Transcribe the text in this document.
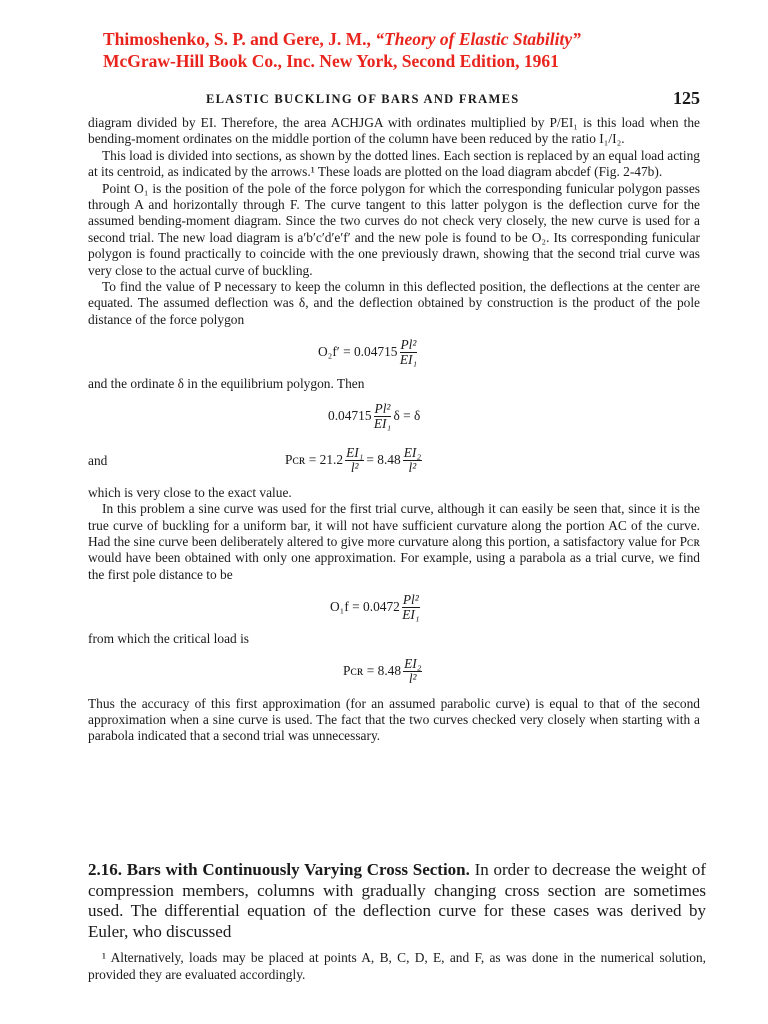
Thimoshenko, S. P. and Gere, J. M., “Theory of Elastic Stability”
McGraw-Hill Book Co., Inc. New York, Second Edition, 1961
ELASTIC BUCKLING OF BARS AND FRAMES	125

diagram divided by EI. Therefore, the area ACHJGA with ordinates multiplied by P/EI₁ is this load when the bending-moment ordinates on the middle portion of the column have been reduced by the ratio I₁/I₂.

This load is divided into sections, as shown by the dotted lines. Each section is replaced by an equal load acting at its centroid, as indicated by the arrows.¹ These loads are plotted on the load diagram abcdef (Fig. 2-47b).

Point O₁ is the position of the pole of the force polygon for which the corresponding funicular polygon passes through A and horizontally through F. The curve tangent to this latter polygon is the deflection curve for the assumed bending-moment diagram. Since the two curves do not check very closely, the new curve is used for a second trial. The new load diagram is a′b′c′d′e′f′ and the new pole is found to be O₂. Its corresponding funicular polygon is found practically to coincide with the one previously drawn, showing that the second trial curve was very close to the actual curve of buckling.

To find the value of P necessary to keep the column in this deflected position, the deflections at the center are equated. The assumed deflection was δ, and the deflection obtained by construction is the product of the pole distance of the force polygon

$O_2f' = 0.04715 \frac{\text{Pl²}}{\text{EI₁}}$

and the ordinate δ in the equilibrium polygon. Then

$0.04715 \frac{\text{Pl²}}{\text{EI₁}}$ δ = δ
and	Pᴄʀ = $21.2 \frac{\text{EI₁}}{\text{l²}} = 8.48 \frac{\text{EI₂}}{\text{l²}}$

which is very close to the exact value.

In this problem a sine curve was used for the first trial curve, although it can easily be seen that, since it is the true curve of buckling for a uniform bar, it will not have sufficient curvature along the portion AC of the curve. Had the sine curve been deliberately altered to give more curvature along this portion, a satisfactory value for Pᴄʀ would have been obtained with only one approximation. For example, using a parabola as a trial curve, we find the first pole distance to be

$O_1f = 0.0472 \frac{\text{Pl²}}{\text{EI₁}}$

from which the critical load is

Pᴄʀ = $8.48 \frac{\text{EI₂}}{\text{l²}}$

Thus the accuracy of this first approximation (for an assumed parabolic curve) is equal to that of the second approximation when a sine curve is used. The fact that the two curves checked very closely when starting with a parabola indicated that a second trial was unnecessary.

2.16. Bars with Continuously Varying Cross Section. In order to decrease the weight of compression members, columns with gradually changing cross section are sometimes used. The differential equation of the deflection curve for these cases was derived by Euler, who discussed

¹ Alternatively, loads may be placed at points A, B, C, D, E, and F, as was done in the numerical solution, provided they are evaluated accordingly.
